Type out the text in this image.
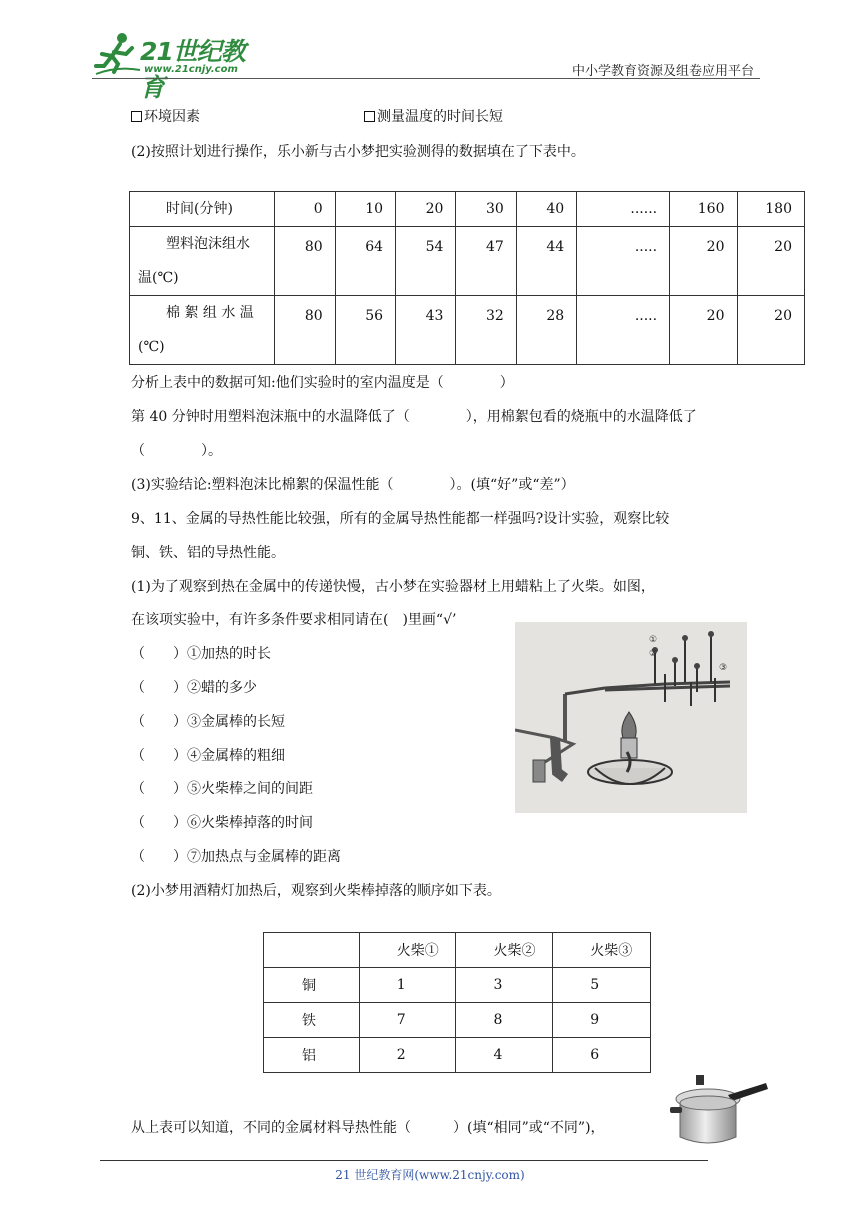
21世纪教育
www.21cnjy.com	中小学教育资源及组卷应用平台
环境因素	测量温度的时间长短
(2)按照计划进行操作，乐小新与古小梦把实验测得的数据填在了下表中。
时间(分钟)	0	10	20	30	40	......	160	180

塑料泡沫组水
温(℃)	80	64	54	47	44	.....	20	20

棉 絮 组 水 温
(℃)	80	56	43	32	28	.....	20	20
分析上表中的数据可知:他们实验时的室内温度是（　　　　）
第 40 分钟时用塑料泡沫瓶中的水温降低了（　　　　），用棉絮包看的烧瓶中的水温降低了
（　　　　）。
(3)实验结论:塑料泡沫比棉絮的保温性能（　　　　）。(填“好”或“差”）
9、11、金属的导热性能比较强，所有的金属导热性能都一样强吗?设计实验，观察比较
铜、铁、铝的导热性能。
(1)为了观察到热在金属中的传递快慢，古小梦在实验器材上用蜡粘上了火柴。如图，
在该项实验中，有许多条件要求相同请在(　)里画“√’
（　　）①加热的时长
（　　）②蜡的多少
（　　）③金属棒的长短
（　　）④金属棒的粗细
（　　）⑤火柴棒之间的间距
（　　）⑥火柴棒掉落的时间
（　　）⑦加热点与金属棒的距离
①
②
③
(2)小梦用酒精灯加热后，观察到火柴棒掉落的顺序如下表。
	火柴①	火柴②	火柴③
铜	1	3	5
铁	7	8	9
铝	2	4	6
从上表可以知道，不同的金属材料导热性能（　　　）(填“相同”或“不同”)，
21 世纪教育网(www.21cnjy.com)
